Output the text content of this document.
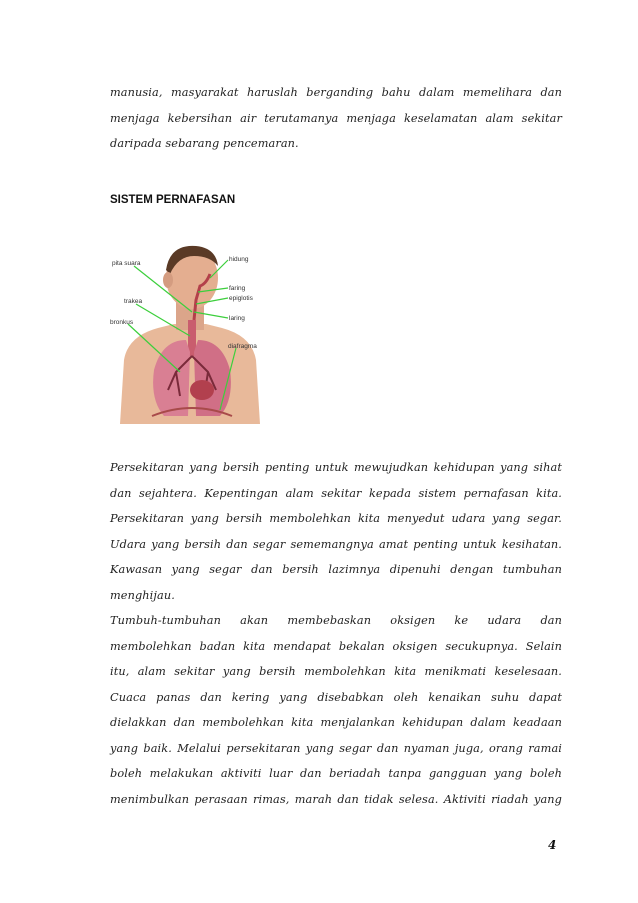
manusia, masyarakat haruslah berganding bahu dalam memelihara dan
menjaga kebersihan air terutamanya menjaga keselamatan alam sekitar
daripada sebarang pencemaran.

SISTEM PERNAFASAN
pita suara
hidung
faring
trakea	epiglotis
bronkus
laring
diafragma

Persekitaran yang bersih penting untuk mewujudkan kehidupan yang sihat
dan sejahtera. Kepentingan alam sekitar kepada sistem pernafasan kita.
Persekitaran yang bersih membolehkan kita menyedut udara yang segar.
Udara yang bersih dan segar sememangnya amat penting untuk kesihatan.
Kawasan yang segar dan bersih lazimnya dipenuhi dengan tumbuhan
menghijau.

Tumbuh-tumbuhan akan membebaskan oksigen ke udara dan
membolehkan badan kita mendapat bekalan oksigen secukupnya. Selain
itu, alam sekitar yang bersih membolehkan kita menikmati keselesaan.
Cuaca panas dan kering yang disebabkan oleh kenaikan suhu dapat
dielakkan dan membolehkan kita menjalankan kehidupan dalam keadaan
yang baik. Melalui persekitaran yang segar dan nyaman juga, orang ramai
boleh melakukan aktiviti luar dan beriadah tanpa gangguan yang boleh
menimbulkan perasaan rimas, marah dan tidak selesa. Aktiviti riadah yang

4
